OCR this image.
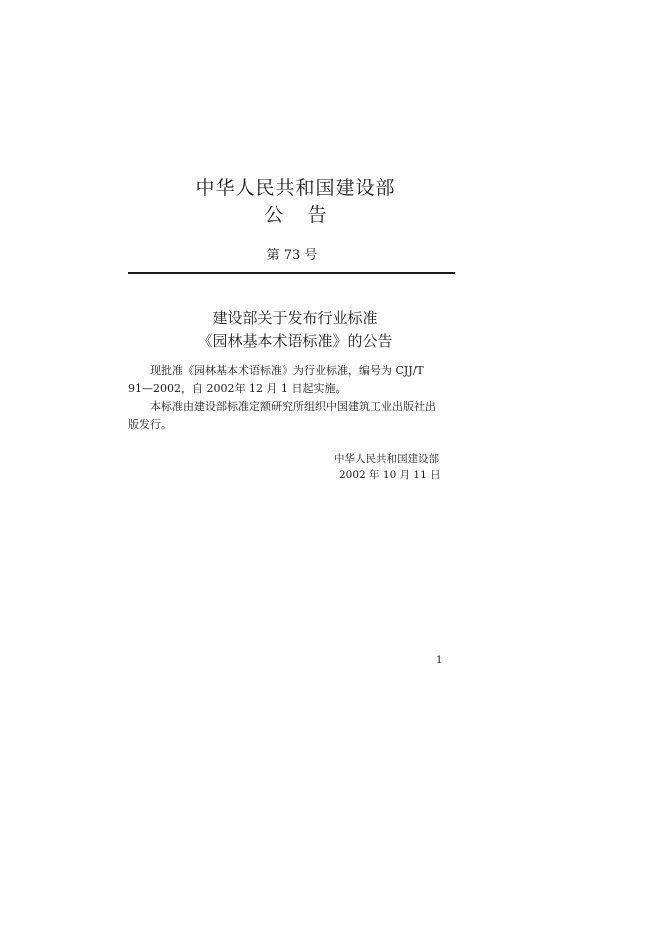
中华人民共和国建设部
公    告
第 73 号
建设部关于发布行业标准
《园林基本术语标准》的公告
现批准《园林基本术语标准》为行业标准，编号为 CJJ/T
91—2002，自 2002年 12 月 1 日起实施。
本标准由建设部标准定额研究所组织中国建筑工业出版社出
版发行。
中华人民共和国建设部
2002 年 10 月 11 日
1
